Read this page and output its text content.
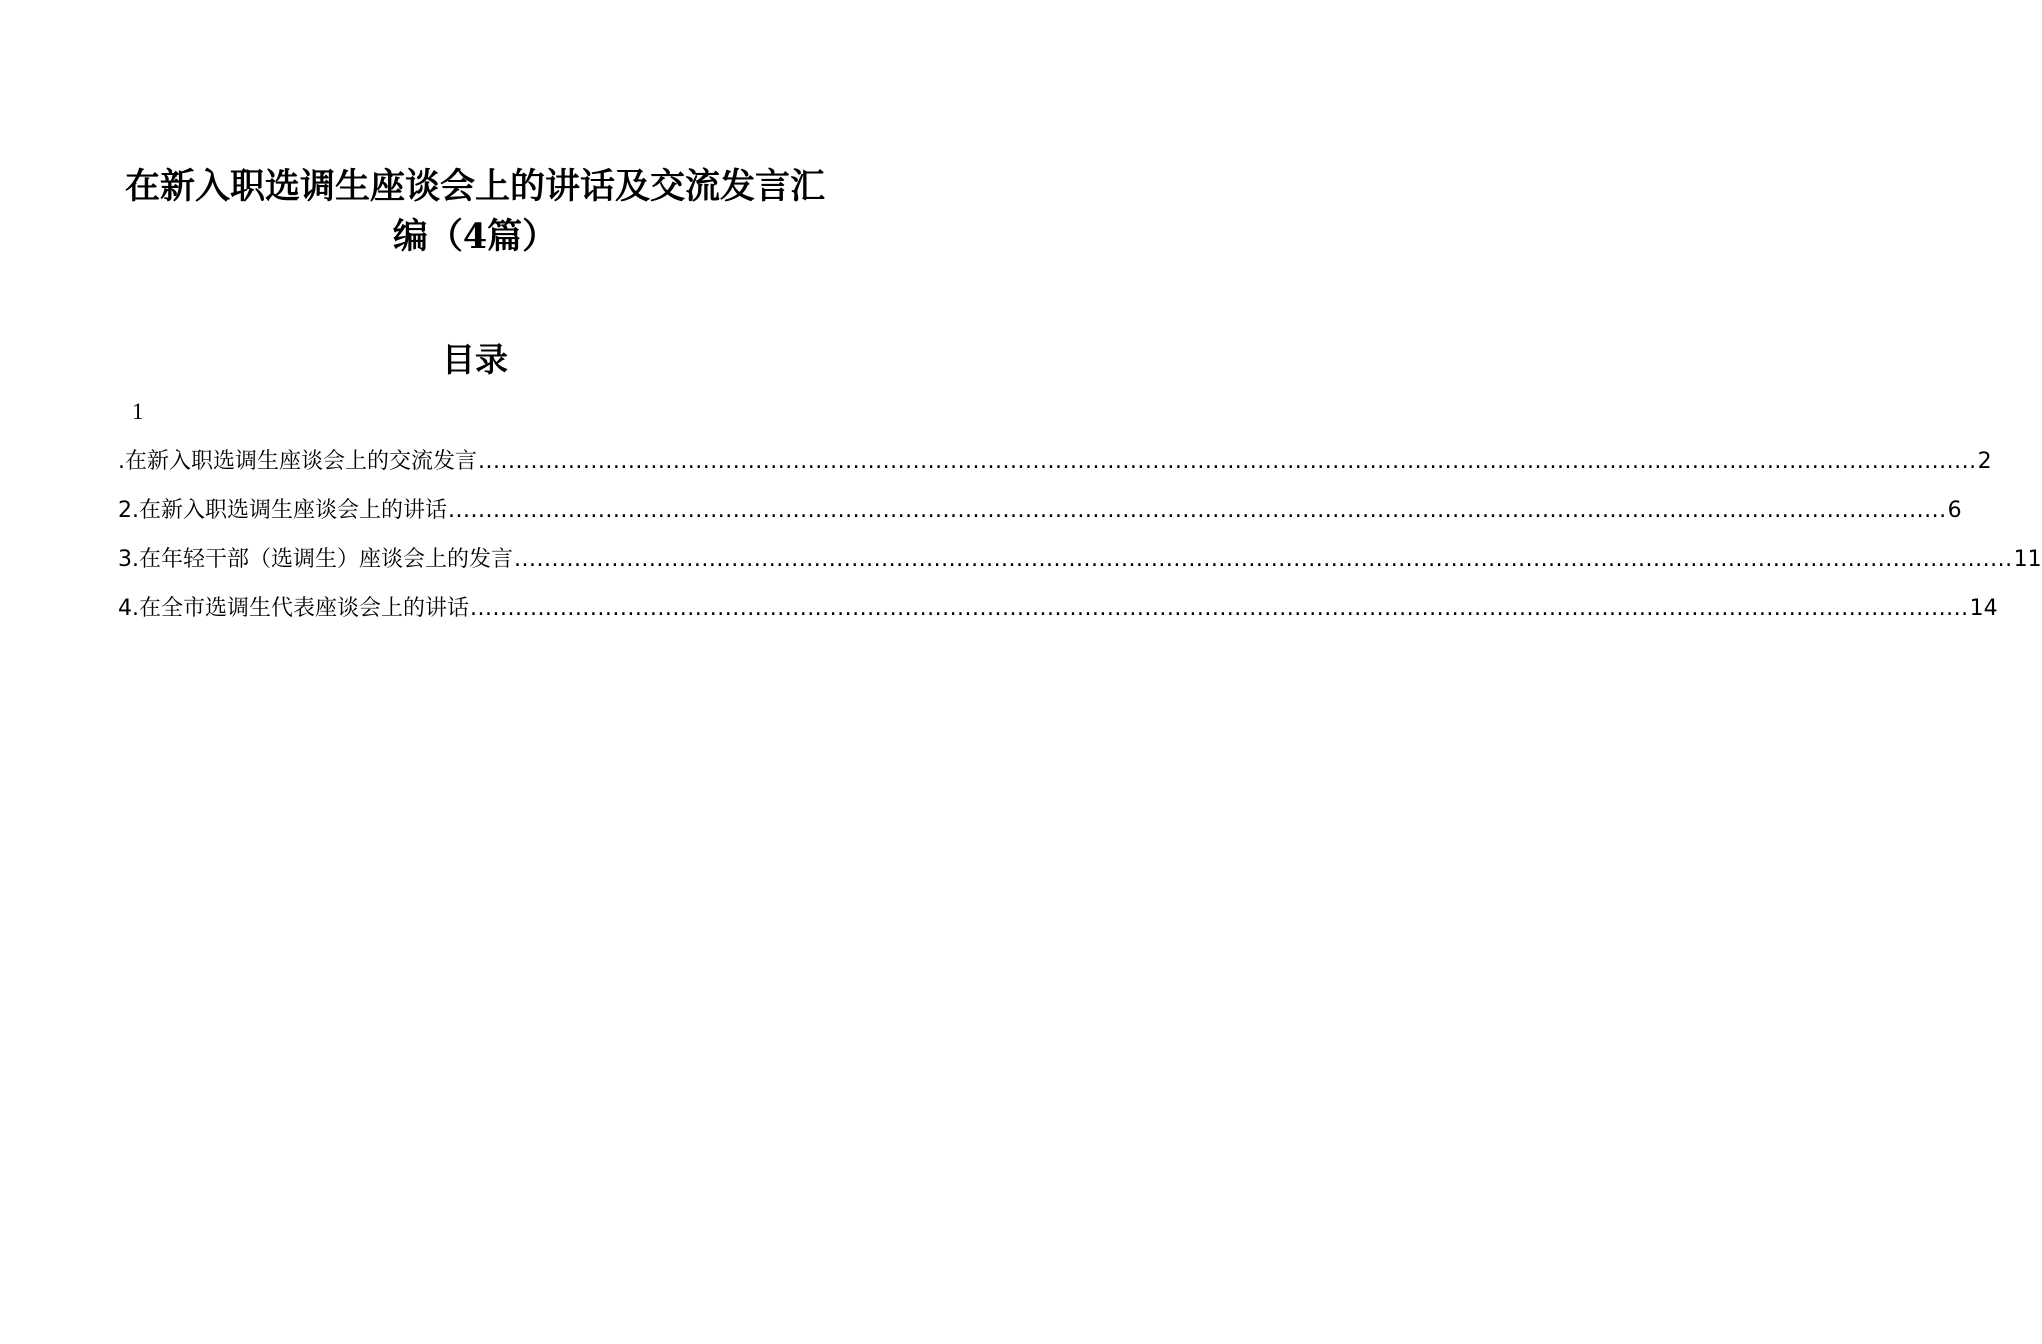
在新入职选调生座谈会上的讲话及交流发言汇
编（4篇）
目录
1
.在新入职选调生座谈会上的交流发言 ........................................................................................................................................................................................................ 2
2.在新入职选调生座谈会上的讲话 ........................................................................................................................................................................................................ 6
3.在年轻干部（选调生）座谈会上的发言 ........................................................................................................................................................................................................ 11
4.在全市选调生代表座谈会上的讲话 ........................................................................................................................................................................................................ 14
